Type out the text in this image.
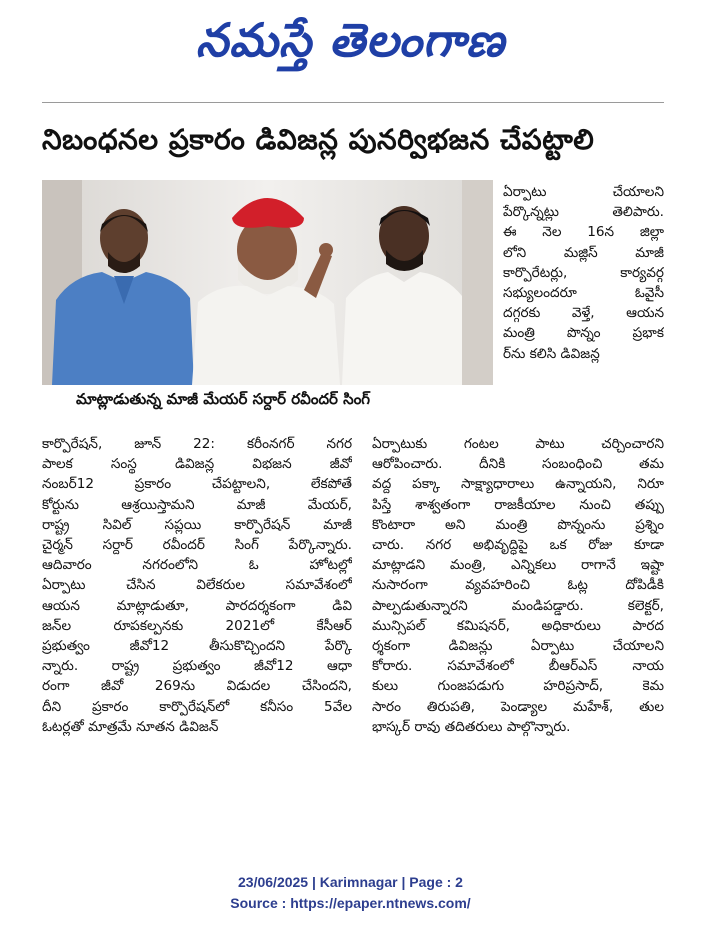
నమస్తే తెలంగాణ
నిబంధనల ప్రకారం డివిజన్ల పునర్విభజన చేపట్టాలి
మాట్లాడుతున్న మాజీ మేయర్ సర్దార్ రవీందర్ సింగ్
ఏర్పాటు చేయాలని
పేర్కొన్నట్లు తెలిపారు.
ఈ నెల 16న జిల్లా
లోని మజ్లిస్ మాజీ
కార్పొరేటర్లు, కార్యవర్గ
సభ్యులందరూ ఓవైసీ
దగ్గరకు వెళ్తే, ఆయన
మంత్రి పొన్నం ప్రభాక
ర్‌ను కలిసి డివిజన్ల
కార్పొరేషన్, జూన్ 22: కరీంనగర్ నగర
పాలక సంస్థ డివిజన్ల విభజన జీవో
నంబర్12 ప్రకారం చేపట్టాలని, లేకపోతే
కోర్టును ఆశ్రయిస్తామని మాజీ మేయర్,
రాష్ట్ర సివిల్ సప్లయి కార్పొరేషన్ మాజీ
చైర్మన్ సర్దార్ రవీందర్ సింగ్ పేర్కొన్నారు.
ఆదివారం నగరంలోని ఓ హోటల్లో
ఏర్పాటు చేసిన విలేకరుల సమావేశంలో
ఆయన మాట్లాడుతూ, పారదర్శకంగా డివి
జన్‌ల రూపకల్పనకు 2021లో కేసీఆర్
ప్రభుత్వం జీవో12 తీసుకొచ్చిందని పేర్కొ
న్నారు. రాష్ట్ర ప్రభుత్వం జీవో12 ఆధా
రంగా జీవో 269ను విడుదల చేసిందని,
దీని ప్రకారం కార్పొరేషన్‌లో కనీసం 5వేల
ఓటర్లతో మాత్రమే నూతన డివిజన్
ఏర్పాటుకు గంటల పాటు చర్చించారని
ఆరోపించారు. దీనికి సంబంధించి తమ
వద్ద పక్కా సాక్ష్యాధారాలు ఉన్నాయని, నిరూ
పిస్తే శాశ్వతంగా రాజకీయాల నుంచి తప్పు
కొంటారా అని మంత్రి పొన్నంను ప్రశ్నిం
చారు. నగర అభివృద్ధిపై ఒక రోజు కూడా
మాట్లాడని మంత్రి, ఎన్నికలు రాగానే ఇష్టా
నుసారంగా వ్యవహరించి ఓట్ల దోపిడీకి
పాల్పడుతున్నారని మండిపడ్డారు. కలెక్టర్,
మున్సిపల్ కమిషనర్, అధికారులు పారద
ర్శకంగా డివిజన్లు ఏర్పాటు చేయాలని
కోరారు. సమావేశంలో బీఆర్ఎస్ నాయ
కులు గుంజపడుగు హరిప్రసాద్, కెమ
సారం తిరుపతి, పెండ్యాల మహేశ్, తుల
భాస్కర్ రావు తదితరులు పాల్గొన్నారు.
23/06/2025 | Karimnagar | Page : 2
Source : https://epaper.ntnews.com/
